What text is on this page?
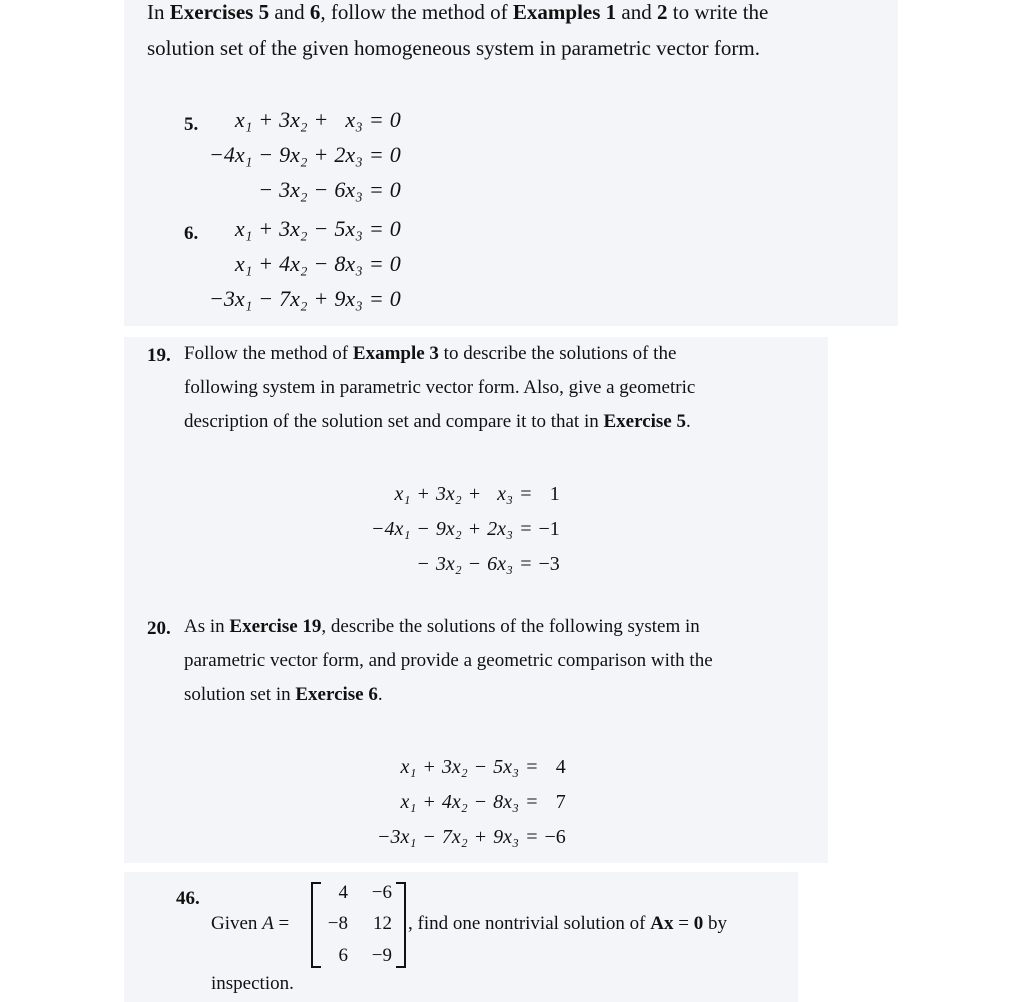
In Exercises 5 and 6, follow the method of Examples 1 and 2 to write the
solution set of the given homogeneous system in parametric vector form.
5. x₁	+	3x₂	+	x₃	=	0
−4x₁	−	9x₂	+	2x₃	=	0
	−	3x₂	−	6x₃	=	0
6. x₁	+	3x₂	−	5x₃	=	0
x₁	+	4x₂	−	8x₃	=	0
−3x₁	−	7x₂	+	9x₃	=	0
19. Follow the method of Example 3 to describe the solutions of the
following system in parametric vector form. Also, give a geometric
description of the solution set and compare it to that in Exercise 5.
x₁	+	3x₂	+	x₃	=	1
−4x₁	−	9x₂	+	2x₃	=	−1
	−	3x₂	−	6x₃	=	−3
20. As in Exercise 19, describe the solutions of the following system in
parametric vector form, and provide a geometric comparison with the
solution set in Exercise 6.
x₁	+	3x₂	−	5x₃	=	4
x₁	+	4x₂	−	8x₃	=	7
−3x₁	−	7x₂	+	9x₃	=	−6
46.
Given A =
4	−6
−8	12
6	−9
, find one nontrivial solution of Ax = 0 by
inspection.
